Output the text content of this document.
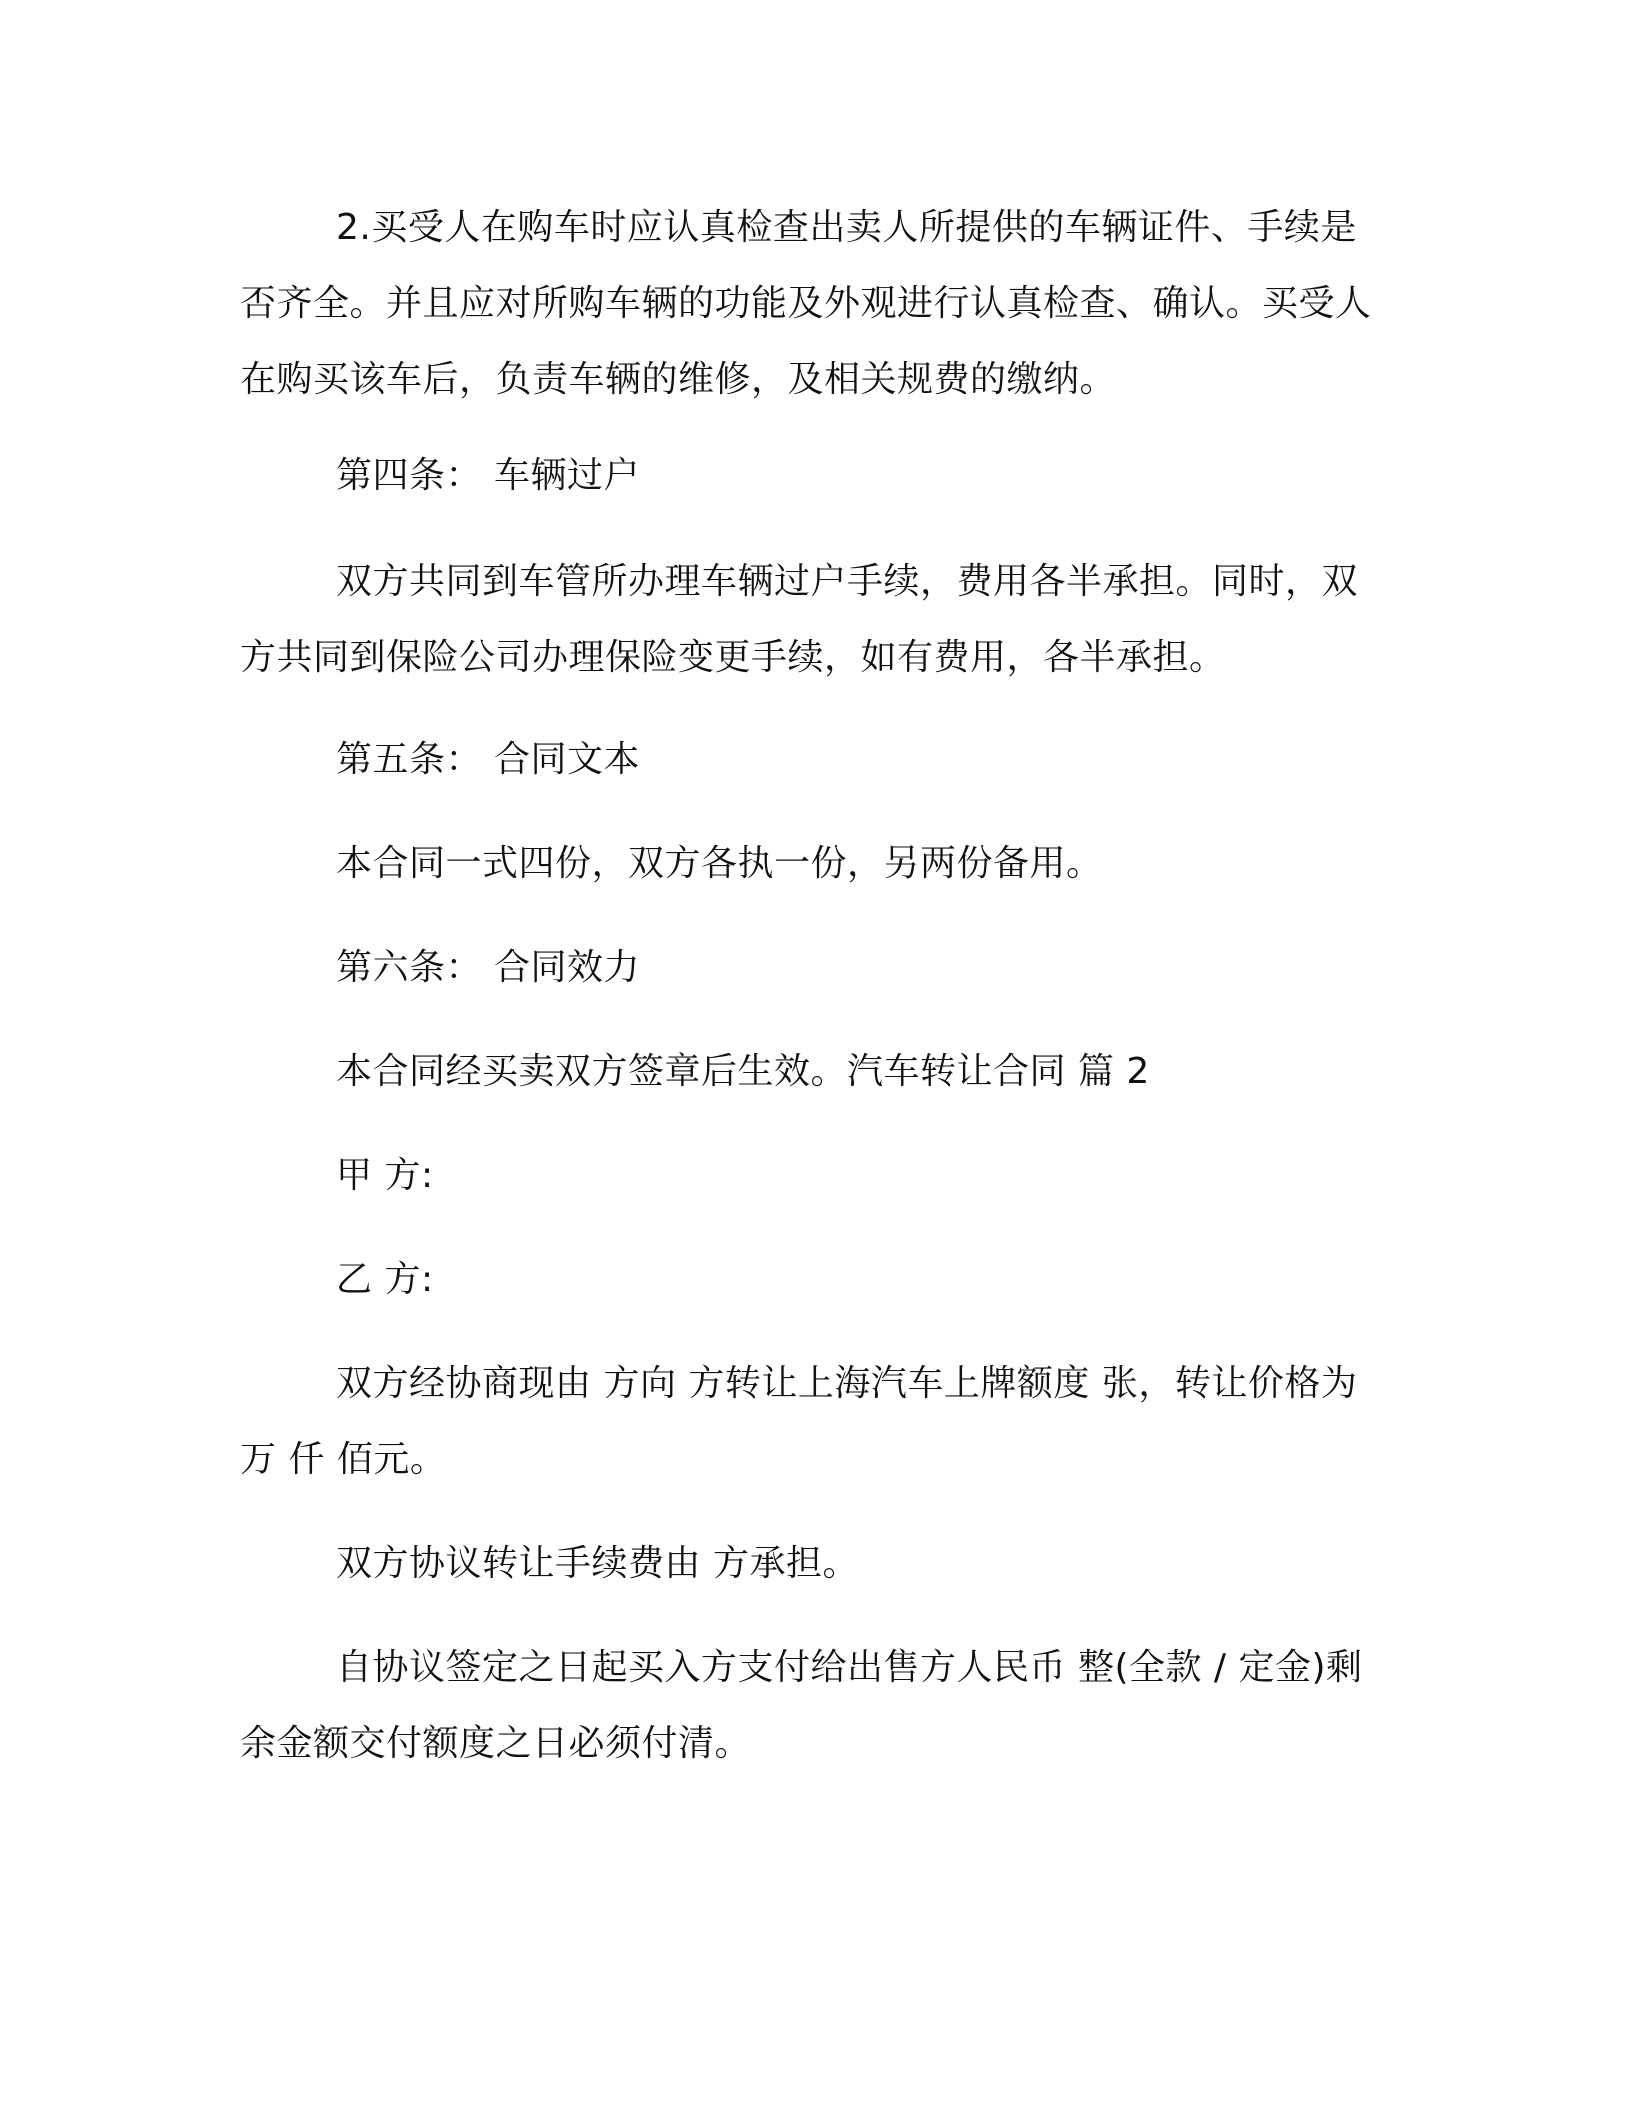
2.买受人在购车时应认真检查出卖人所提供的车辆证件、手续是否齐全。并且应对所购车辆的功能及外观进行认真检查、确认。买受人在购买该车后，负责车辆的维修，及相关规费的缴纳。

第四条： 车辆过户

双方共同到车管所办理车辆过户手续，费用各半承担。同时，双方共同到保险公司办理保险变更手续，如有费用，各半承担。

第五条： 合同文本

本合同一式四份，双方各执一份，另两份备用。

第六条： 合同效力

本合同经买卖双方签章后生效。汽车转让合同 篇 2

甲 方:

乙 方:

双方经协商现由 方向 方转让上海汽车上牌额度 张，转让价格为 万 仟 佰元。

双方协议转让手续费由 方承担。

自协议签定之日起买入方支付给出售方人民币 整(全款 / 定金)剩余金额交付额度之日必须付清。
